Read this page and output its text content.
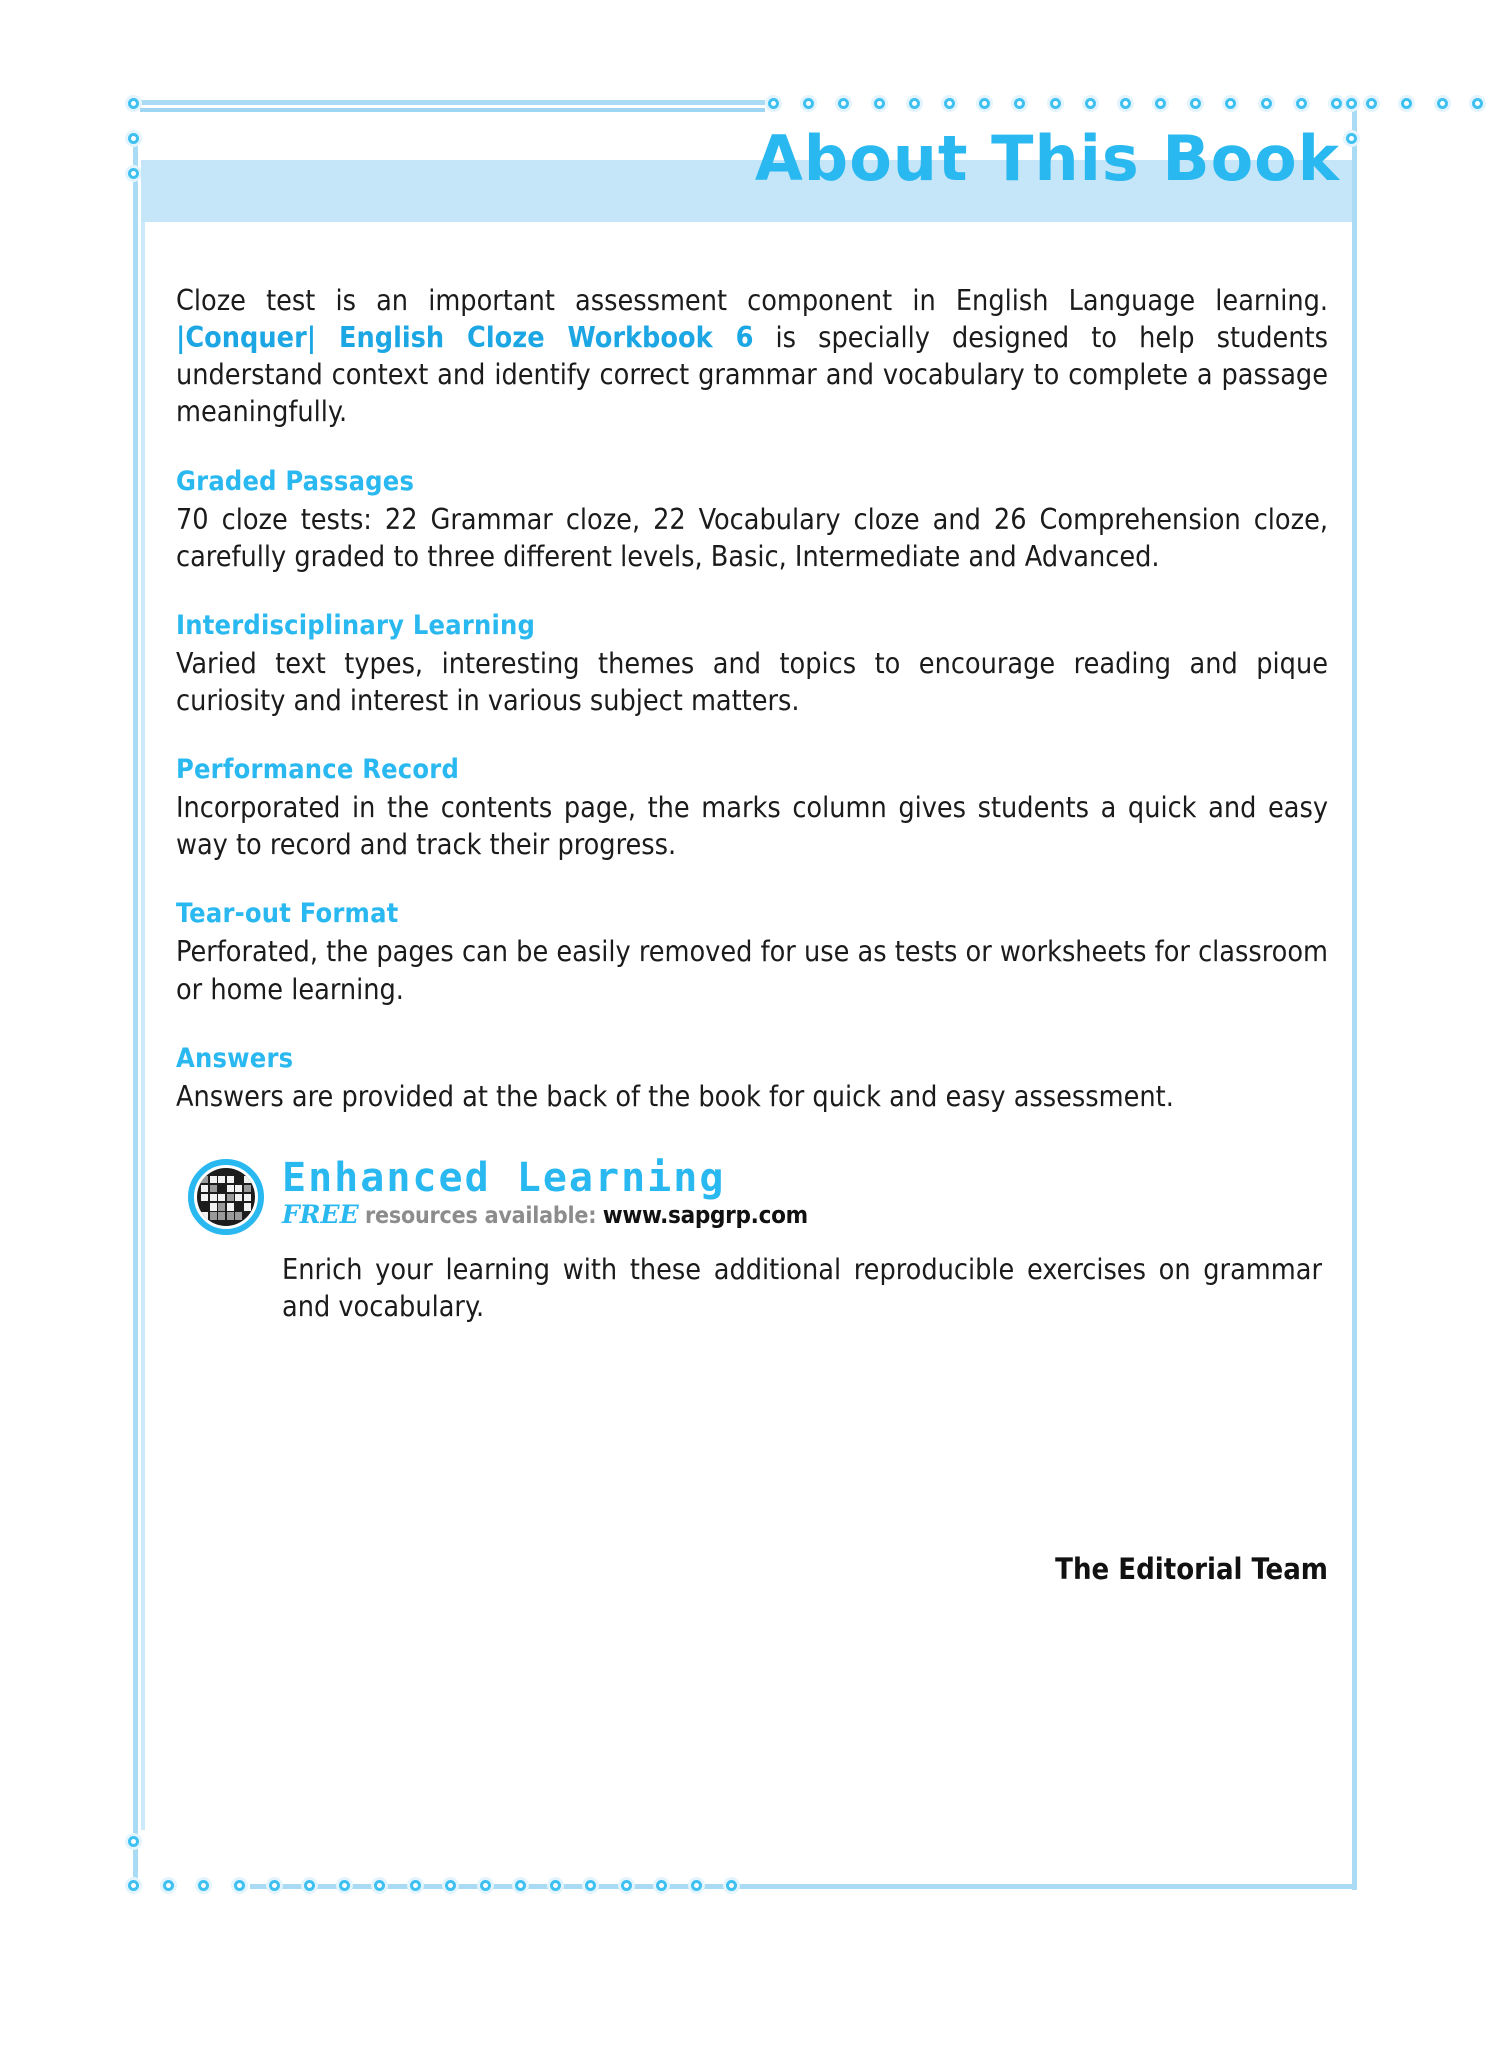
About This Book

Cloze test is an important assessment component in English Language learning. |Conquer| English Cloze Workbook 6 is specially designed to help students understand context and identify correct grammar and vocabulary to complete a passage meaningfully.

Graded Passages

70 cloze tests: 22 Grammar cloze, 22 Vocabulary cloze and 26 Comprehension cloze, carefully graded to three different levels, Basic, Intermediate and Advanced.

Interdisciplinary Learning

Varied text types, interesting themes and topics to encourage reading and pique curiosity and interest in various subject matters.

Performance Record

Incorporated in the contents page, the marks column gives students a quick and easy way to record and track their progress.

Tear-out Format

Perforated, the pages can be easily removed for use as tests or worksheets for classroom or home learning.

Answers

Answers are provided at the back of the book for quick and easy assessment.

Enhanced Learning
FREE resources available: www.sapgrp.com

Enrich your learning with these additional reproducible exercises on grammar and vocabulary.

The Editorial Team
